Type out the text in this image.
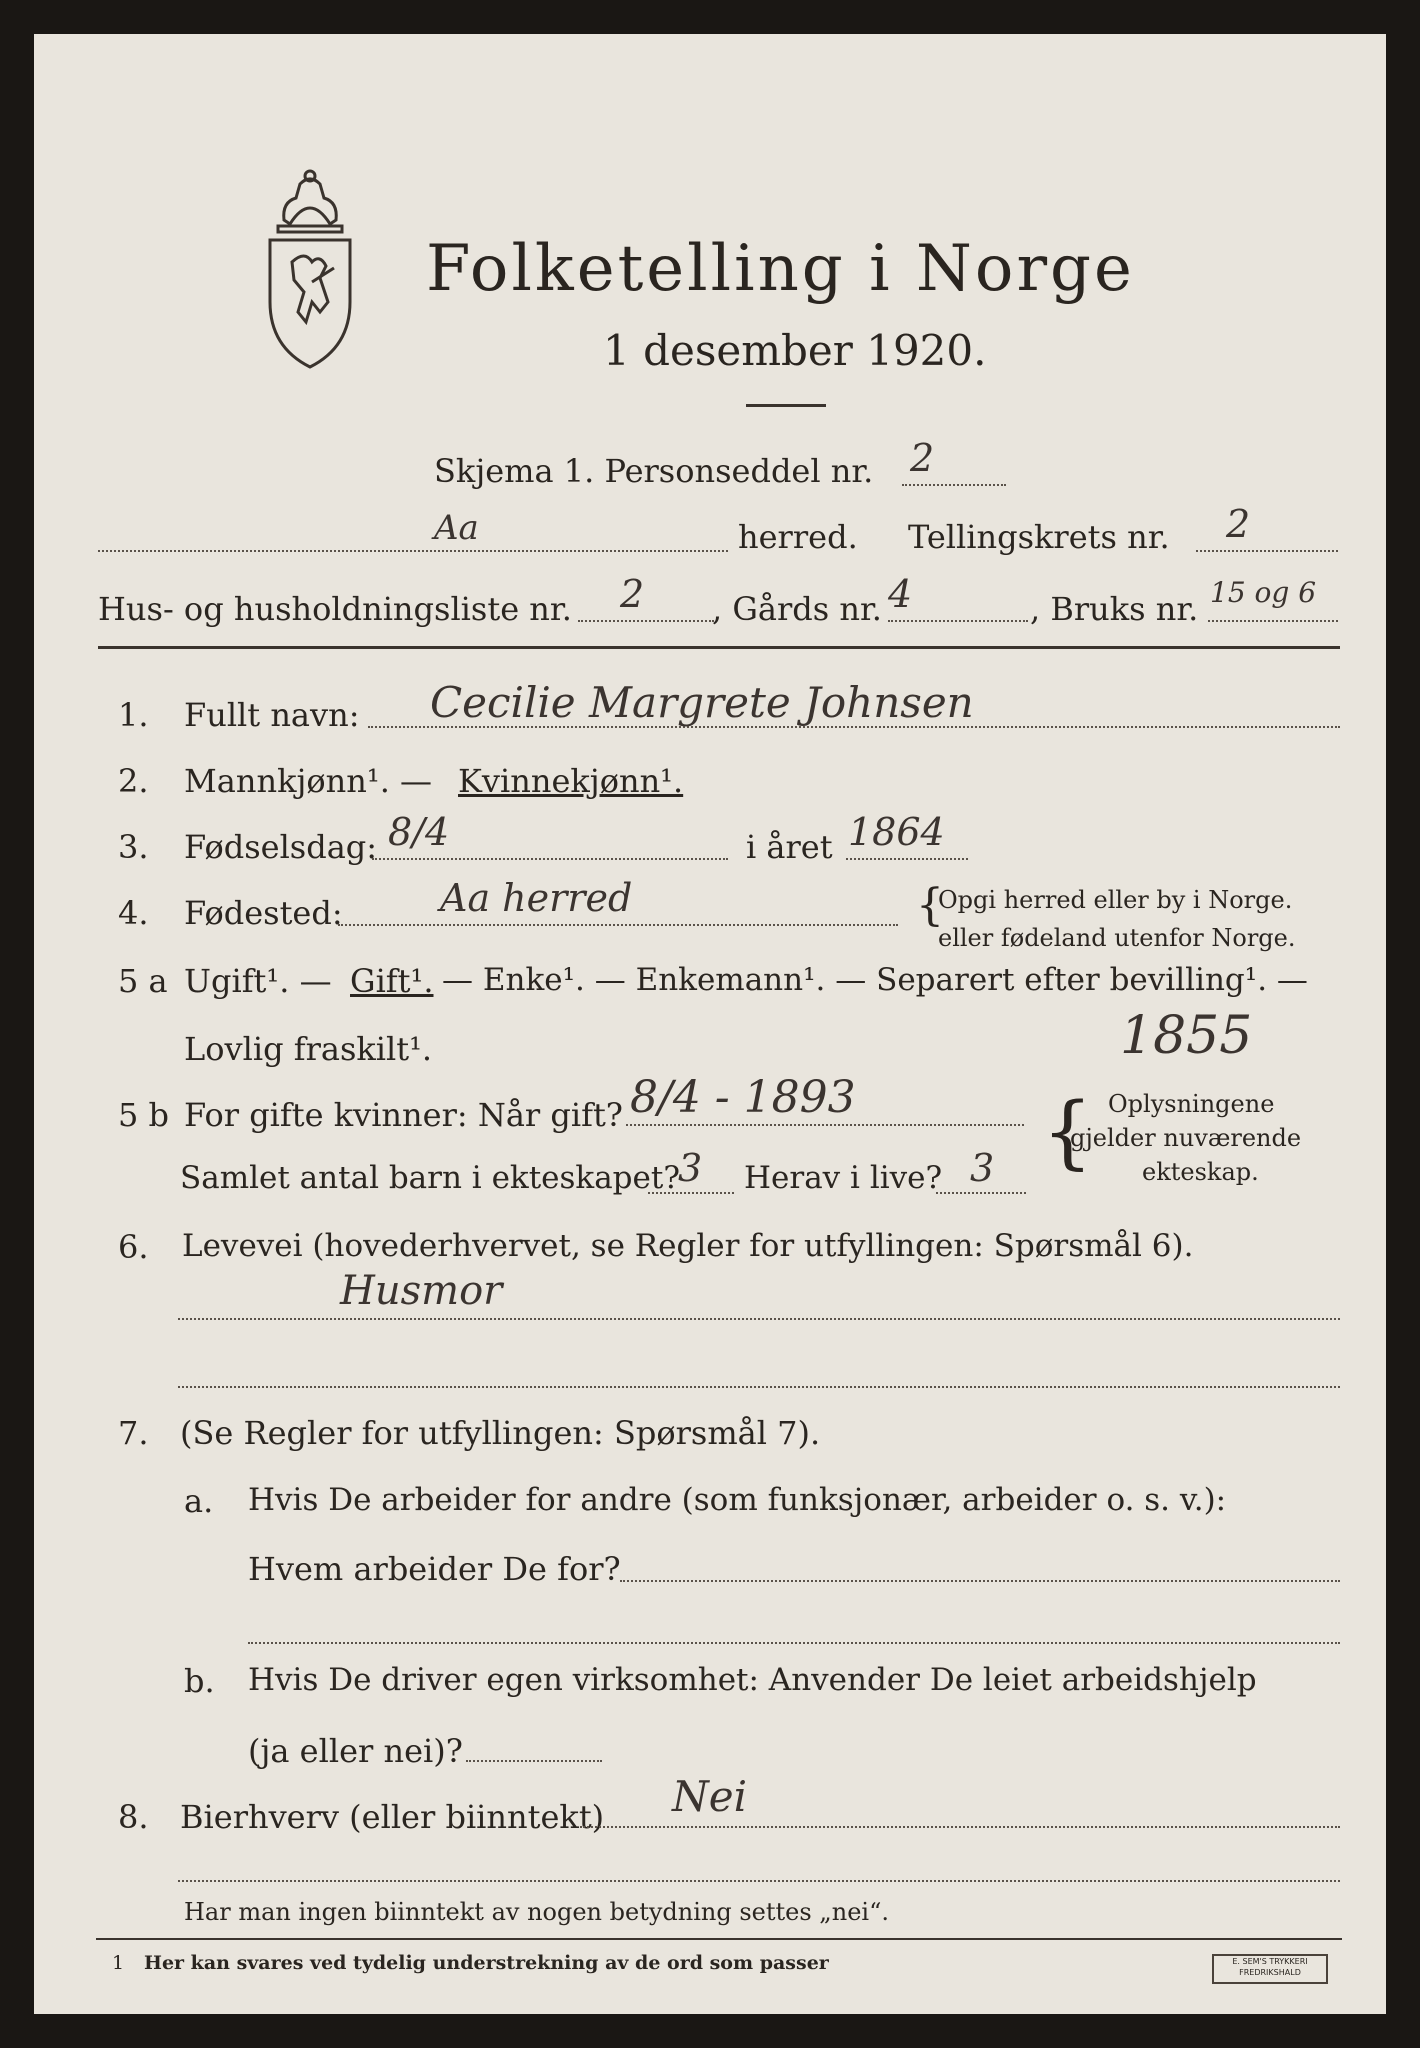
Folketelling i Norge
1 desember 1920.
Skjema 1. Personseddel nr. 2
Aa	herred. Tellingskrets nr. 2
Hus- og husholdningsliste nr. 2 , Gårds nr. 4	, Bruks nr. 15 og 6
1. Fullt navn: Cecilie Margrete Johnsen
2. Mannkjønn¹. — Kvinnekjønn¹.
3. Fødselsdag: 8/4	i året 1864
4. Fødested:	Aa herred	{
Opgi herred eller by i Norge.
eller fødeland utenfor Norge.
5 a Ugift¹. — Gift¹. — Enke¹. — Enkemann¹. — Separert efter bevilling¹. —
Lovlig fraskilt¹.	1855
5 b For gifte kvinner: Når gift? 8/4 - 1893
Samlet antal barn i ekteskapet?
3 Herav i live? 3 { Oplysningene
gjelder nuværende
ekteskap.
6. Levevei (hovederhvervet, se Regler for utfyllingen: Spørsmål 6).
Husmor
7. (Se Regler for utfyllingen: Spørsmål 7).
a. Hvis De arbeider for andre (som funksjonær, arbeider o. s. v.):
Hvem arbeider De for?
b. Hvis De driver egen virksomhet: Anvender De leiet arbeidshjelp
(ja eller nei)?
8. Bierhverv (eller biinntekt) Nei
Har man ingen biinntekt av nogen betydning settes „nei“.
1 Her kan svares ved tydelig understrekning av de ord som passer	E. SEM'S TRYKKERI FREDRIKSHALD
